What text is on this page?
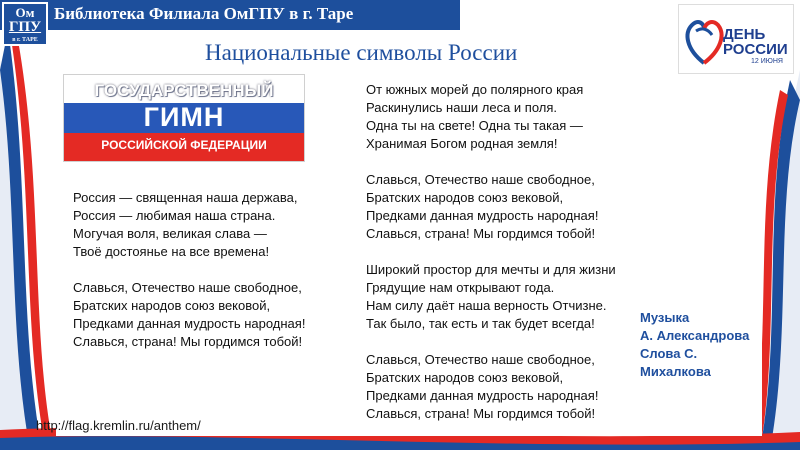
Ом
ГПУ
в г. ТАРЕ
Библиотека Филиала ОмГПУ в г. Таре
Национальные символы России
ГОСУДАРСТВЕННЫЙ
ГИМН
РОССИЙСКОЙ ФЕДЕРАЦИИ
ДЕНЬ
РОССИИ
12 ИЮНЯ
Россия — священная наша держава,
Россия — любимая наша страна.
Могучая воля, великая слава —
Твоё достоянье на все времена!
Славься, Отечество наше свободное,
Братских народов союз вековой,
Предками данная мудрость народная!
Славься, страна! Мы гордимся тобой!
От южных морей до полярного края
Раскинулись наши леса и поля.
Одна ты на свете! Одна ты такая —
Хранимая Богом родная земля!
Славься, Отечество наше свободное,
Братских народов союз вековой,
Предками данная мудрость народная!
Славься, страна! Мы гордимся тобой!
Широкий простор для мечты и для жизни
Грядущие нам открывают года.
Нам силу даёт наша верность Отчизне.
Так было, так есть и так будет всегда!
Славься, Отечество наше свободное,
Братских народов союз вековой,
Предками данная мудрость народная!
Славься, страна! Мы гордимся тобой!
Музыка
А. Александрова
Слова С.
Михалкова
http://flag.kremlin.ru/anthem/
